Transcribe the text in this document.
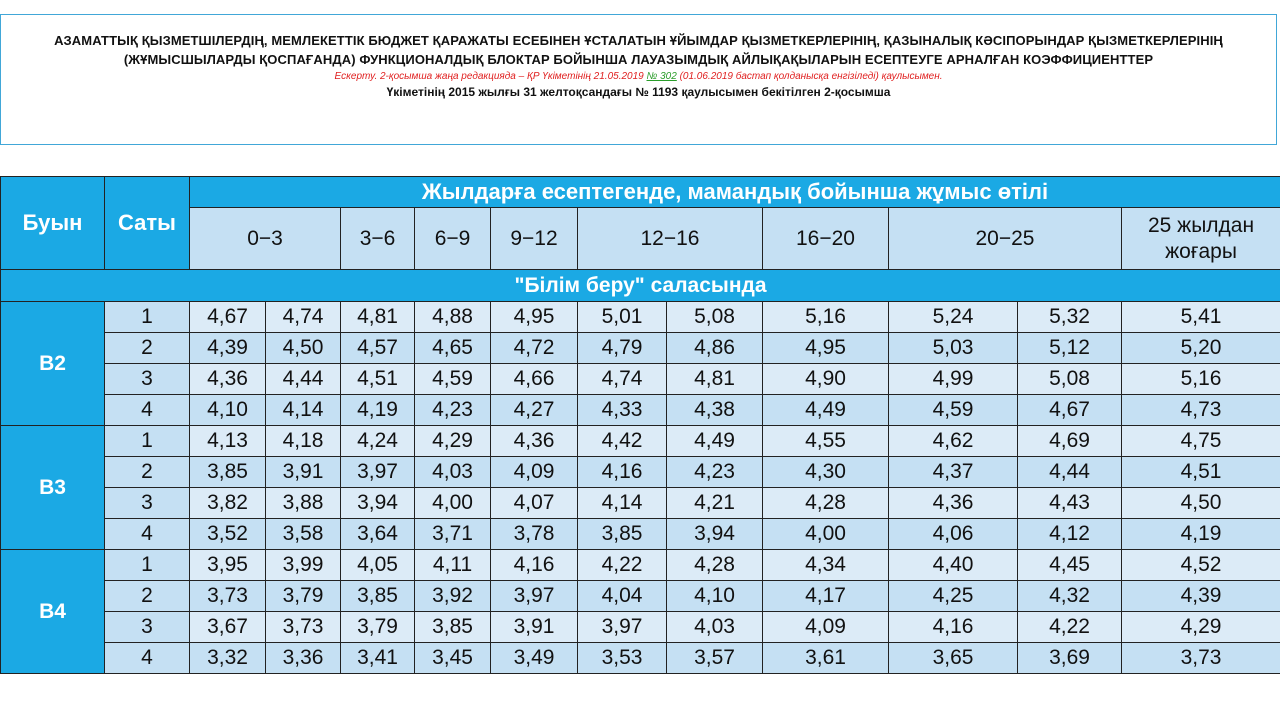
АЗАМАТТЫҚ ҚЫЗМЕТШІЛЕРДІҢ, МЕМЛЕКЕТТІК БЮДЖЕТ ҚАРАЖАТЫ ЕСЕБІНЕН ҰСТАЛАТЫН ҰЙЫМДАР ҚЫЗМЕТКЕРЛЕРІНІҢ, ҚАЗЫНАЛЫҚ КӘСІПОРЫНДАР ҚЫЗМЕТКЕРЛЕРІНІҢ (ЖҰМЫСШЫЛАРДЫ ҚОСПАҒАНДА) ФУНКЦИОНАЛДЫҚ БЛОКТАР БОЙЫНША ЛАУАЗЫМДЫҚ АЙЛЫҚАҚЫЛАРЫН ЕСЕПТЕУГЕ АРНАЛҒАН КОЭФФИЦИЕНТТЕР
Ескерту. 2-қосымша жаңа редакцияда – ҚР Үкіметінің 21.05.2019 № 302 (01.06.2019 бастап қолданысқа енгізіледі) қаулысымен.
Үкіметінің 2015 жылғы 31 желтоқсандағы № 1193 қаулысымен бекітілген 2-қосымша
Буын	Саты	Жылдарға есептегенде, мамандық бойынша жұмыс өтілі										
		0−3		3−6	6−9	9−12	12−16		16−20	20−25		25 жылдан жоғары
"Білім беру" саласында												
B2	1	4,67	4,74	4,81	4,88	4,95	5,01	5,08	5,16	5,24	5,32	5,41
	2	4,39	4,50	4,57	4,65	4,72	4,79	4,86	4,95	5,03	5,12	5,20
	3	4,36	4,44	4,51	4,59	4,66	4,74	4,81	4,90	4,99	5,08	5,16
	4	4,10	4,14	4,19	4,23	4,27	4,33	4,38	4,49	4,59	4,67	4,73
B3	1	4,13	4,18	4,24	4,29	4,36	4,42	4,49	4,55	4,62	4,69	4,75
	2	3,85	3,91	3,97	4,03	4,09	4,16	4,23	4,30	4,37	4,44	4,51
	3	3,82	3,88	3,94	4,00	4,07	4,14	4,21	4,28	4,36	4,43	4,50
	4	3,52	3,58	3,64	3,71	3,78	3,85	3,94	4,00	4,06	4,12	4,19
B4	1	3,95	3,99	4,05	4,11	4,16	4,22	4,28	4,34	4,40	4,45	4,52
	2	3,73	3,79	3,85	3,92	3,97	4,04	4,10	4,17	4,25	4,32	4,39
	3	3,67	3,73	3,79	3,85	3,91	3,97	4,03	4,09	4,16	4,22	4,29
	4	3,32	3,36	3,41	3,45	3,49	3,53	3,57	3,61	3,65	3,69	3,73
